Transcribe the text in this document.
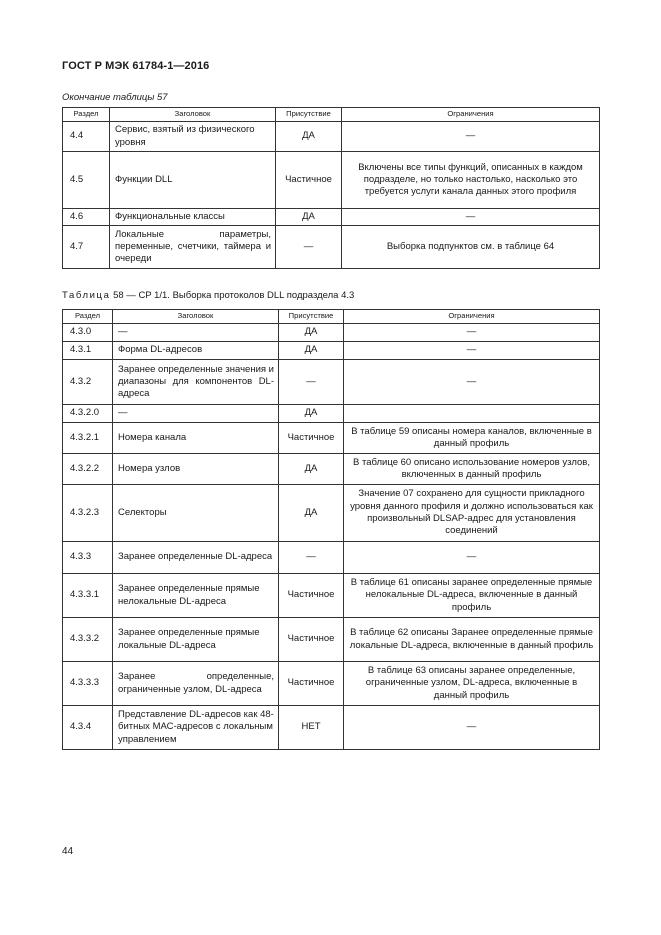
ГОСТ Р МЭК 61784-1—2016
Окончание таблицы 57
Раздел	Заголовок	Присутствие	Ограничения
4.4	Сервис, взятый из физического уровня	ДА	—
4.5	Функции DLL	Частичное	Включены все типы функций, описанных в каждом подразделе, но только настолько, насколько это требуется услуги канала данных этого профиля
4.6	Функциональные классы	ДА	—
4.7	Локальные параметры, переменные, счетчики, таймера и очереди	—	Выборка подпунктов см. в таблице 64
Таблица 58 — CP 1/1. Выборка протоколов DLL подраздела 4.3
Раздел	Заголовок	Присутствие	Ограничения
4.3.0	—	ДА	—
4.3.1	Форма DL-адресов	ДА	—
4.3.2	Заранее определенные значения и диапазоны для компонентов DL-адреса	—	—
4.3.2.0	—	ДА	
4.3.2.1	Номера канала	Частичное	В таблице 59 описаны номера каналов, включенные в данный профиль
4.3.2.2	Номера узлов	ДА	В таблице 60 описано использование номеров узлов, включенных в данный профиль
4.3.2.3	Селекторы	ДА	Значение 07 сохранено для сущности прикладного уровня данного профиля и должно использоваться как произвольный DLSAP-адрес для установления соединений
4.3.3	Заранее определенные DL-адреса	—	—
4.3.3.1	Заранее определенные прямые нелокальные DL-адреса	Частичное	В таблице 61 описаны заранее определенные прямые нелокальные DL-адреса, включенные в данный профиль
4.3.3.2	Заранее определенные прямые локальные DL-адреса	Частичное	В таблице 62 описаны Заранее определенные прямые локальные DL-адреса, включенные в данный профиль
4.3.3.3	Заранее определенные, ограниченные узлом, DL-адреса	Частичное	В таблице 63 описаны заранее определенные, ограниченные узлом, DL-адреса, включенные в данный профиль
4.3.4	Представление DL-адресов как 48-битных МАС-адресов с локальным управлением	НЕТ	—
44
